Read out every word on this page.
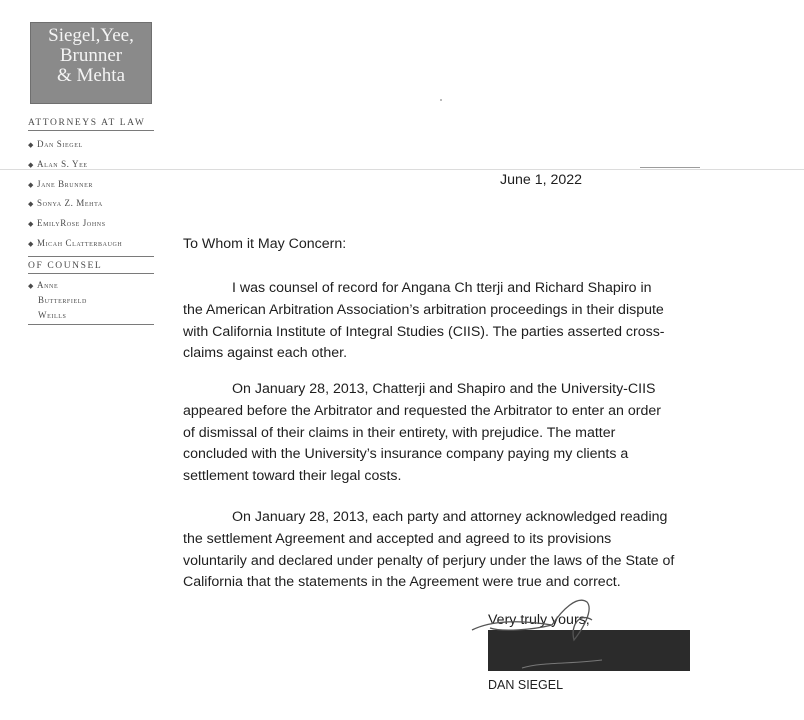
Siegel,Yee,
Brunner
& Mehta
ATTORNEYS AT LAW
◆ Dan Siegel
◆ Alan S. Yee
◆ Jane Brunner
◆ Sonya Z. Mehta
◆ EmilyRose Johns
◆ Micah Clatterbaugh
OF COUNSEL
◆ Anne
Butterfield
Weills
June 1, 2022
To Whom it May Concern:
I was counsel of record for Angana Ch tterji and Richard Shapiro in
the American Arbitration Association’s arbitration proceedings in their dispute
with California Institute of Integral Studies (CIIS). The parties asserted cross-
claims against each other.
On January 28, 2013, Chatterji and Shapiro and the University-CIIS
appeared before the Arbitrator and requested the Arbitrator to enter an order
of dismissal of their claims in their entirety, with prejudice. The matter
concluded with the University’s insurance company paying my clients a
settlement toward their legal costs.
On January 28, 2013, each party and attorney acknowledged reading
the settlement Agreement and accepted and agreed to its provisions
voluntarily and declared under penalty of perjury under the laws of the State of
California that the statements in the Agreement were true and correct.
Very truly yours,
DAN SIEGEL
